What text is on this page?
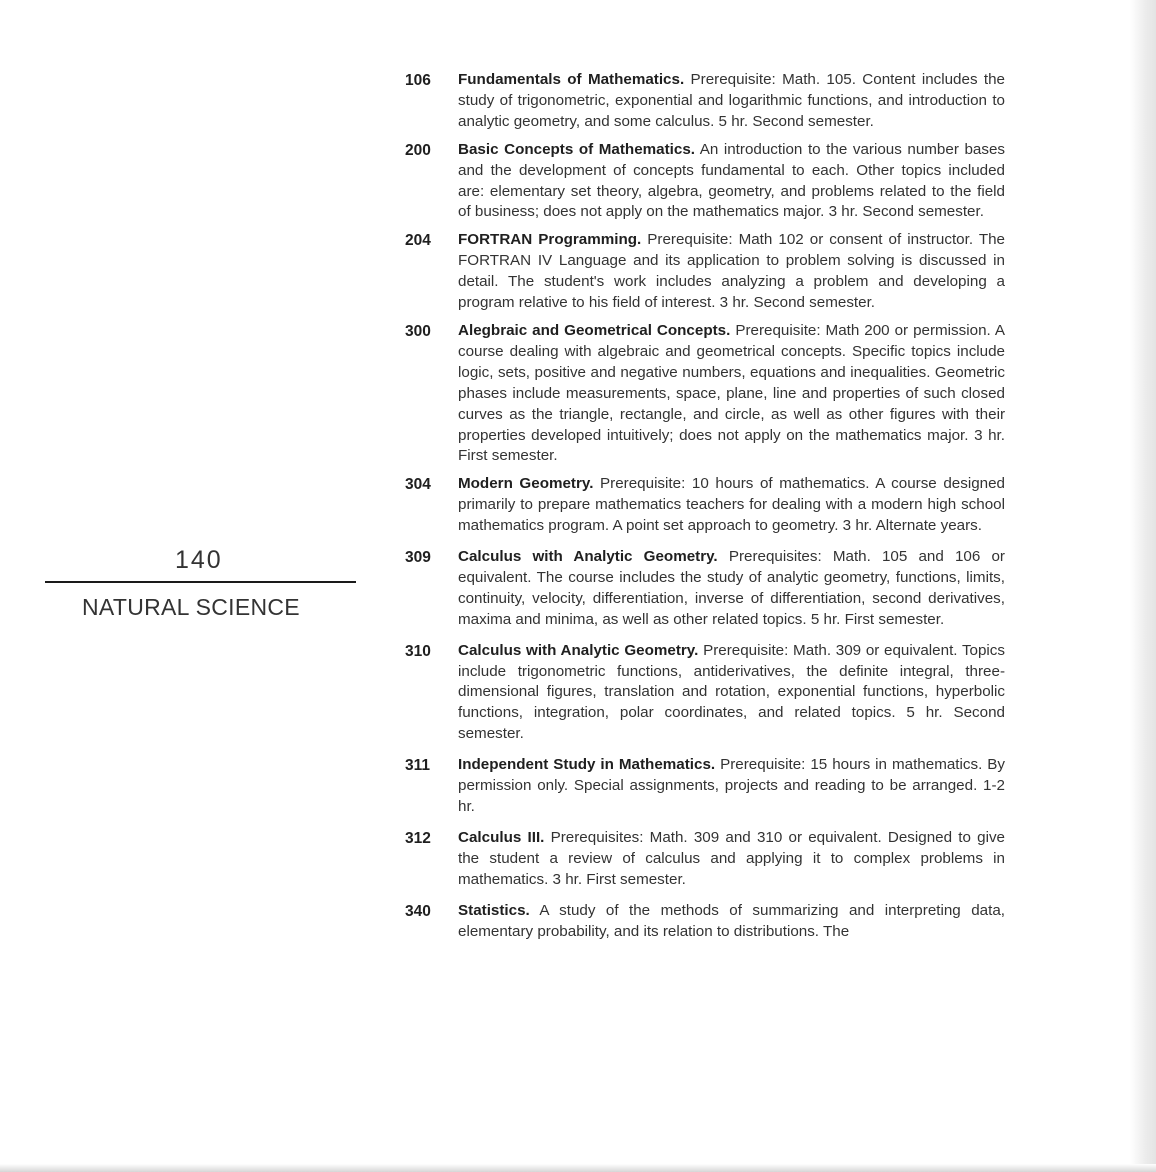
140
NATURAL SCIENCE
106	Fundamentals of Mathematics. Prerequisite: Math. 105. Content includes the study of trigonometric, exponential and logarithmic functions, and introduction to analytic geometry, and some calculus. 5 hr. Second semester.
200	Basic Concepts of Mathematics. An introduction to the various number bases and the development of concepts fundamental to each. Other topics included are: elementary set theory, algebra, geometry, and problems related to the field of business; does not apply on the mathematics major. 3 hr. Second semester.
204	FORTRAN Programming. Prerequisite: Math 102 or consent of instructor. The FORTRAN IV Language and its application to problem solving is discussed in detail. The student's work includes analyzing a problem and developing a program relative to his field of interest. 3 hr. Second semester.
300	Alegbraic and Geometrical Concepts. Prerequisite: Math 200 or permission. A course dealing with algebraic and geometrical concepts. Specific topics include logic, sets, positive and negative numbers, equations and inequalities. Geometric phases include measurements, space, plane, line and properties of such closed curves as the triangle, rectangle, and circle, as well as other figures with their properties developed intuitively; does not apply on the mathematics major. 3 hr. First semester.
304	Modern Geometry. Prerequisite: 10 hours of mathematics. A course designed primarily to prepare mathematics teachers for dealing with a modern high school mathematics program. A point set approach to geometry. 3 hr. Alternate years.
309	Calculus with Analytic Geometry. Prerequisites: Math. 105 and 106 or equivalent. The course includes the study of analytic geometry, functions, limits, continuity, velocity, differentiation, inverse of differentiation, second derivatives, maxima and minima, as well as other related topics. 5 hr. First semester.
310	Calculus with Analytic Geometry. Prerequisite: Math. 309 or equivalent. Topics include trigonometric functions, antiderivatives, the definite integral, three-dimensional figures, translation and rotation, exponential functions, hyperbolic functions, integration, polar coordinates, and related topics. 5 hr. Second semester.
311	Independent Study in Mathematics. Prerequisite: 15 hours in mathematics. By permission only. Special assignments, projects and reading to be arranged. 1-2 hr.
312	Calculus III. Prerequisites: Math. 309 and 310 or equivalent. Designed to give the student a review of calculus and applying it to complex problems in mathematics. 3 hr. First semester.
340	Statistics. A study of the methods of summarizing and interpreting data, elementary probability, and its relation to distributions. The
